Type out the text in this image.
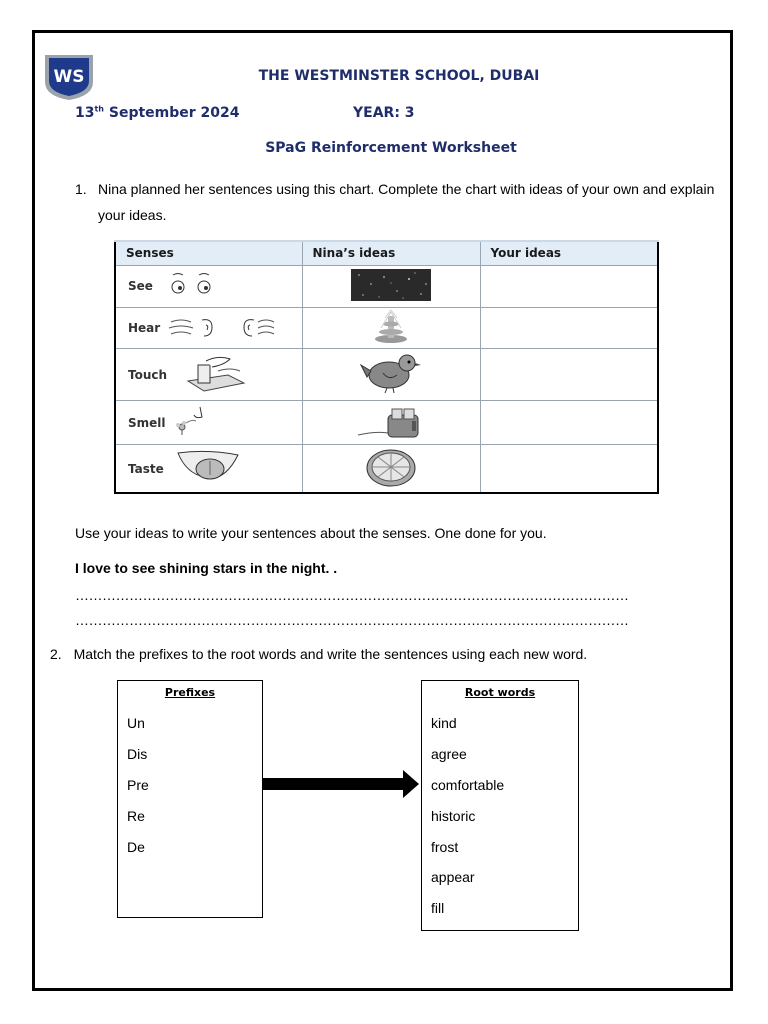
WS	THE WESTMINSTER SCHOOL, DUBAI
13th September 2024	YEAR: 3
SPaG Reinforcement Worksheet
1. Nina planned her sentences using this chart. Complete the chart with ideas of your own and explain your ideas.
Senses	Nina’s ideas	Your ideas
See

Hear

Touch

Smell

Taste

Use your ideas to write your sentences about the senses. One done for you.
I love to see shining stars in the night. .
……………………………………………………………………………………………………………
……………………………………………………………………………………………………………
2. Match the prefixes to the root words and write the sentences using each new word.
Prefixes
Un
Dis
Pre
Re
De
Root words
kind
agree
comfortable
historic
frost
appear
fill
